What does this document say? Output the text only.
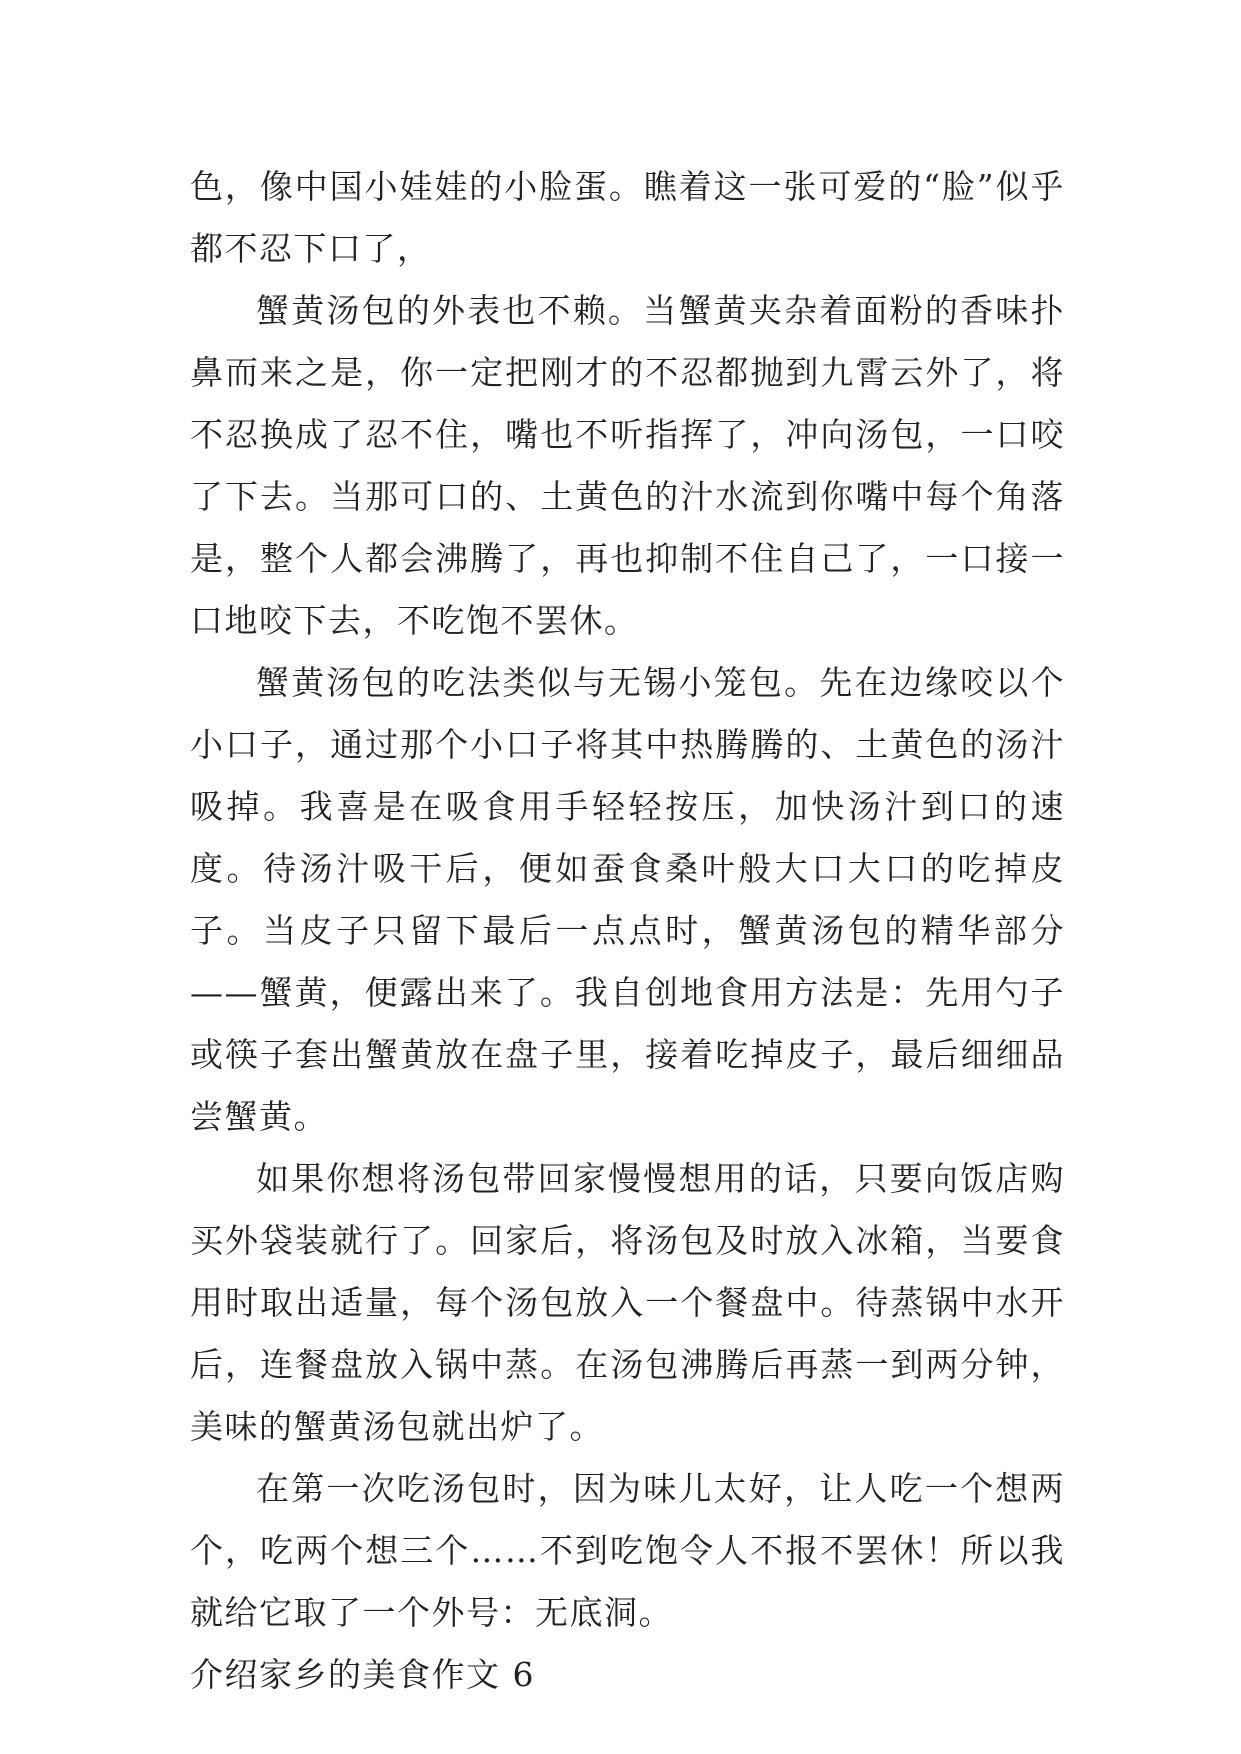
色，像中国小娃娃的小脸蛋。瞧着这一张可爱的“脸”似乎都不忍下口了，

蟹黄汤包的外表也不赖。当蟹黄夹杂着面粉的香味扑鼻而来之是，你一定把刚才的不忍都抛到九霄云外了，将不忍换成了忍不住，嘴也不听指挥了，冲向汤包，一口咬了下去。当那可口的、土黄色的汁水流到你嘴中每个角落是，整个人都会沸腾了，再也抑制不住自己了，一口接一口地咬下去，不吃饱不罢休。

蟹黄汤包的吃法类似与无锡小笼包。先在边缘咬以个小口子，通过那个小口子将其中热腾腾的、土黄色的汤汁吸掉。我喜是在吸食用手轻轻按压，加快汤汁到口的速度。待汤汁吸干后，便如蚕食桑叶般大口大口的吃掉皮子。当皮子只留下最后一点点时，蟹黄汤包的精华部分——蟹黄，便露出来了。我自创地食用方法是：先用勺子或筷子套出蟹黄放在盘子里，接着吃掉皮子，最后细细品尝蟹黄。

如果你想将汤包带回家慢慢想用的话，只要向饭店购买外袋装就行了。回家后，将汤包及时放入冰箱，当要食用时取出适量，每个汤包放入一个餐盘中。待蒸锅中水开后，连餐盘放入锅中蒸。在汤包沸腾后再蒸一到两分钟，美味的蟹黄汤包就出炉了。

在第一次吃汤包时，因为味儿太好，让人吃一个想两个，吃两个想三个……不到吃饱令人不报不罢休！所以我就给它取了一个外号：无底洞。

介绍家乡的美食作文 6
